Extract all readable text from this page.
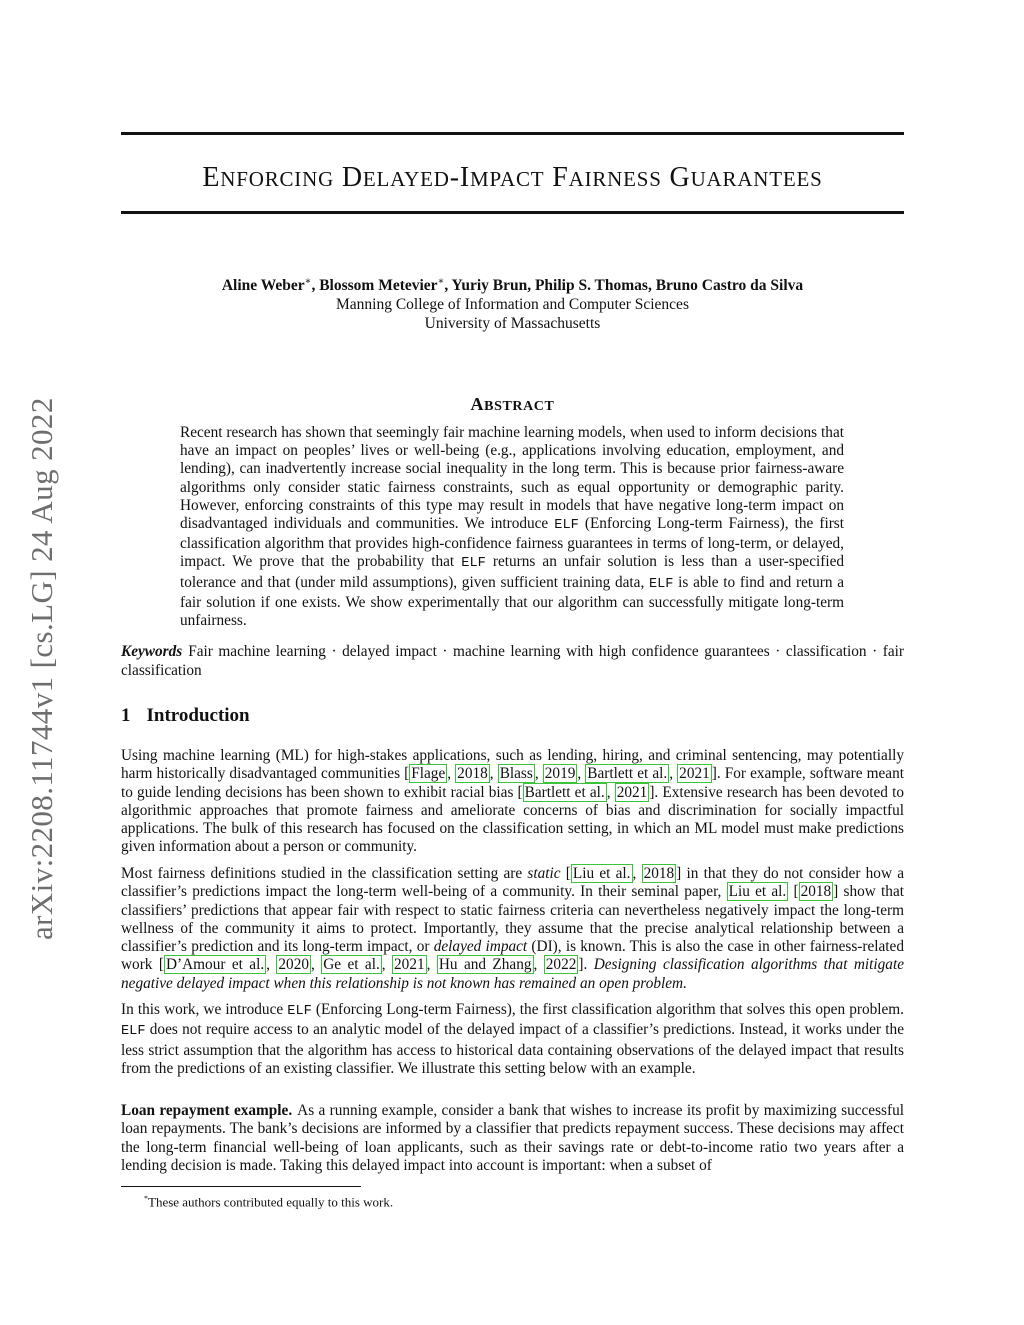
arXiv:2208.11744v1 [cs.LG] 24 Aug 2022
ENFORCING DELAYED-IMPACT FAIRNESS GUARANTEES
Aline Weber∗, Blossom Metevier∗, Yuriy Brun, Philip S. Thomas, Bruno Castro da Silva
Manning College of Information and Computer Sciences
University of Massachusetts
ABSTRACT
Recent research has shown that seemingly fair machine learning models, when used to inform decisions that have an impact on peoples’ lives or well-being (e.g., applications involving education, employment, and lending), can inadvertently increase social inequality in the long term. This is because prior fairness-aware algorithms only consider static fairness constraints, such as equal opportunity or demographic parity. However, enforcing constraints of this type may result in models that have negative long-term impact on disadvantaged individuals and communities. We introduce ELF (Enforcing Long-term Fairness), the first classification algorithm that provides high-confidence fairness guarantees in terms of long-term, or delayed, impact. We prove that the probability that ELF returns an unfair solution is less than a user-specified tolerance and that (under mild assumptions), given sufficient training data, ELF is able to find and return a fair solution if one exists. We show experimentally that our algorithm can successfully mitigate long-term unfairness.
Keywords Fair machine learning · delayed impact · machine learning with high confidence guarantees · classification · fair classification
1 Introduction

Using machine learning (ML) for high-stakes applications, such as lending, hiring, and criminal sentencing, may potentially harm historically disadvantaged communities [ Flage , 2018 , Blass , 2019 , Bartlett et al. , 2021 ]. For example, software meant to guide lending decisions has been shown to exhibit racial bias [ Bartlett et al. , 2021 ]. Extensive research has been devoted to algorithmic approaches that promote fairness and ameliorate concerns of bias and discrimination for socially impactful applications. The bulk of this research has focused on the classification setting, in which an ML model must make predictions given information about a person or community.

Most fairness definitions studied in the classification setting are static [ Liu et al. , 2018 ] in that they do not consider how a classifier’s predictions impact the long-term well-being of a community. In their seminal paper, Liu et al. [ 2018 ] show that classifiers’ predictions that appear fair with respect to static fairness criteria can nevertheless negatively impact the long-term wellness of the community it aims to protect. Importantly, they assume that the precise analytical relationship between a classifier’s prediction and its long-term impact, or delayed impact (DI), is known. This is also the case in other fairness-related work [ D’Amour et al. , 2020 , Ge et al. , 2021 , Hu and Zhang , 2022 ]. Designing classification algorithms that mitigate negative delayed impact when this relationship is not known has remained an open problem.

In this work, we introduce ELF (Enforcing Long-term Fairness), the first classification algorithm that solves this open problem. ELF does not require access to an analytic model of the delayed impact of a classifier’s predictions. Instead, it works under the less strict assumption that the algorithm has access to historical data containing observations of the delayed impact that results from the predictions of an existing classifier. We illustrate this setting below with an example.

Loan repayment example. As a running example, consider a bank that wishes to increase its profit by maximizing successful loan repayments. The bank’s decisions are informed by a classifier that predicts repayment success. These decisions may affect the long-term financial well-being of loan applicants, such as their savings rate or debt-to-income ratio two years after a lending decision is made. Taking this delayed impact into account is important: when a subset of

*These authors contributed equally to this work.
